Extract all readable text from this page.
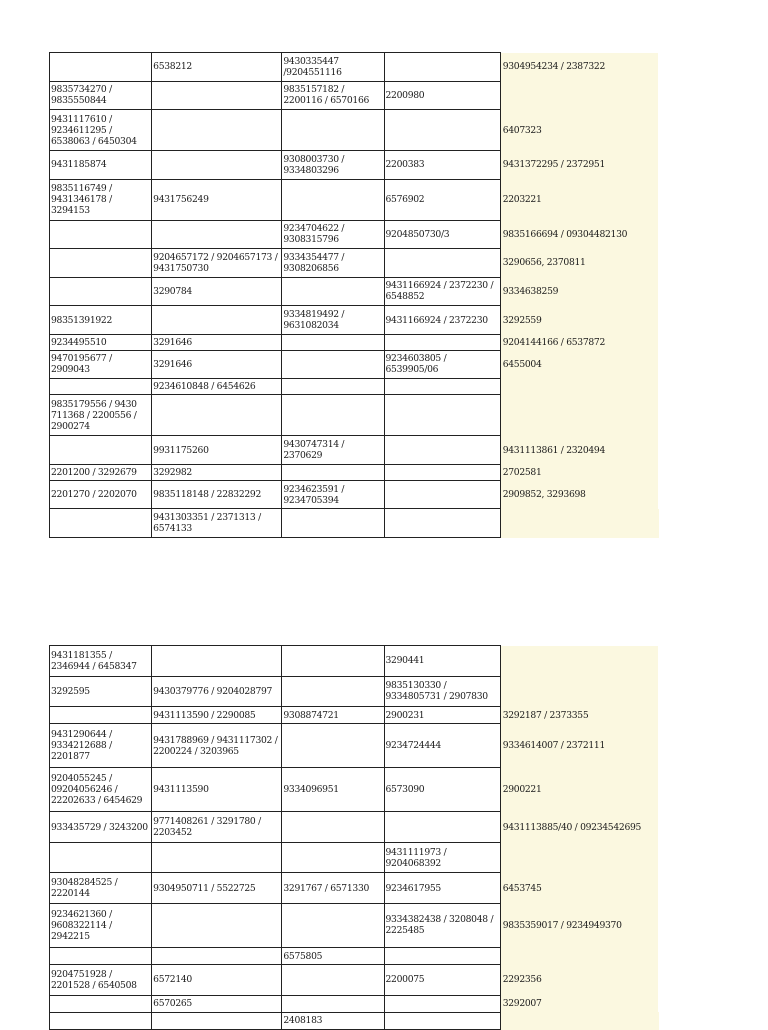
	6538212	9430335447 /9204551116		9304954234 / 2387322
9835734270 / 9835550844		9835157182 / 2200116 / 6570166	2200980	
9431117610 / 9234611295 / 6538063 / 6450304				6407323
9431185874		9308003730 / 9334803296	2200383	9431372295 / 2372951
9835116749 / 9431346178 / 3294153	9431756249		6576902	2203221
		9234704622 / 9308315796	9204850730/3	9835166694 / 09304482130
	9204657172 / 9204657173 / 9431750730	9334354477 / 9308206856		3290656, 2370811
	3290784		9431166924 / 2372230 / 6548852	9334638259
98351391922		9334819492 / 9631082034	9431166924 / 2372230	3292559
9234495510	3291646			9204144166 / 6537872
9470195677 / 2909043	3291646		9234603805 / 6539905/06	6455004
	9234610848 / 6454626			
9835179556 / 9430 711368 / 2200556 / 2900274				
	9931175260	9430747314 / 2370629		9431113861 / 2320494
2201200 / 3292679	3292982			2702581
2201270 / 2202070	9835118148 / 22832292	9234623591 / 9234705394		2909852, 3293698
	9431303351 / 2371313 / 6574133			
9431181355 / 2346944 / 6458347			3290441	
3292595	9430379776 / 9204028797		9835130330 / 9334805731 / 2907830	
	9431113590 / 2290085	9308874721	2900231	3292187 / 2373355
9431290644 / 9334212688 / 2201877	9431788969 / 9431117302 / 2200224 / 3203965		9234724444	9334614007 / 2372111
9204055245 / 09204056246 / 22202633 / 6454629	9431113590	9334096951	6573090	2900221
933435729 / 3243200	9771408261 / 3291780 / 2203452			9431113885/40 / 09234542695
			9431111973 / 9204068392	
93048284525 / 2220144	9304950711 / 5522725	3291767 / 6571330	9234617955	6453745
9234621360 / 9608322114 / 2942215			9334382438 / 3208048 / 2225485	9835359017 / 9234949370
		6575805		
9204751928 / 2201528 / 6540508	6572140		2200075	2292356
	6570265			3292007
		2408183		
